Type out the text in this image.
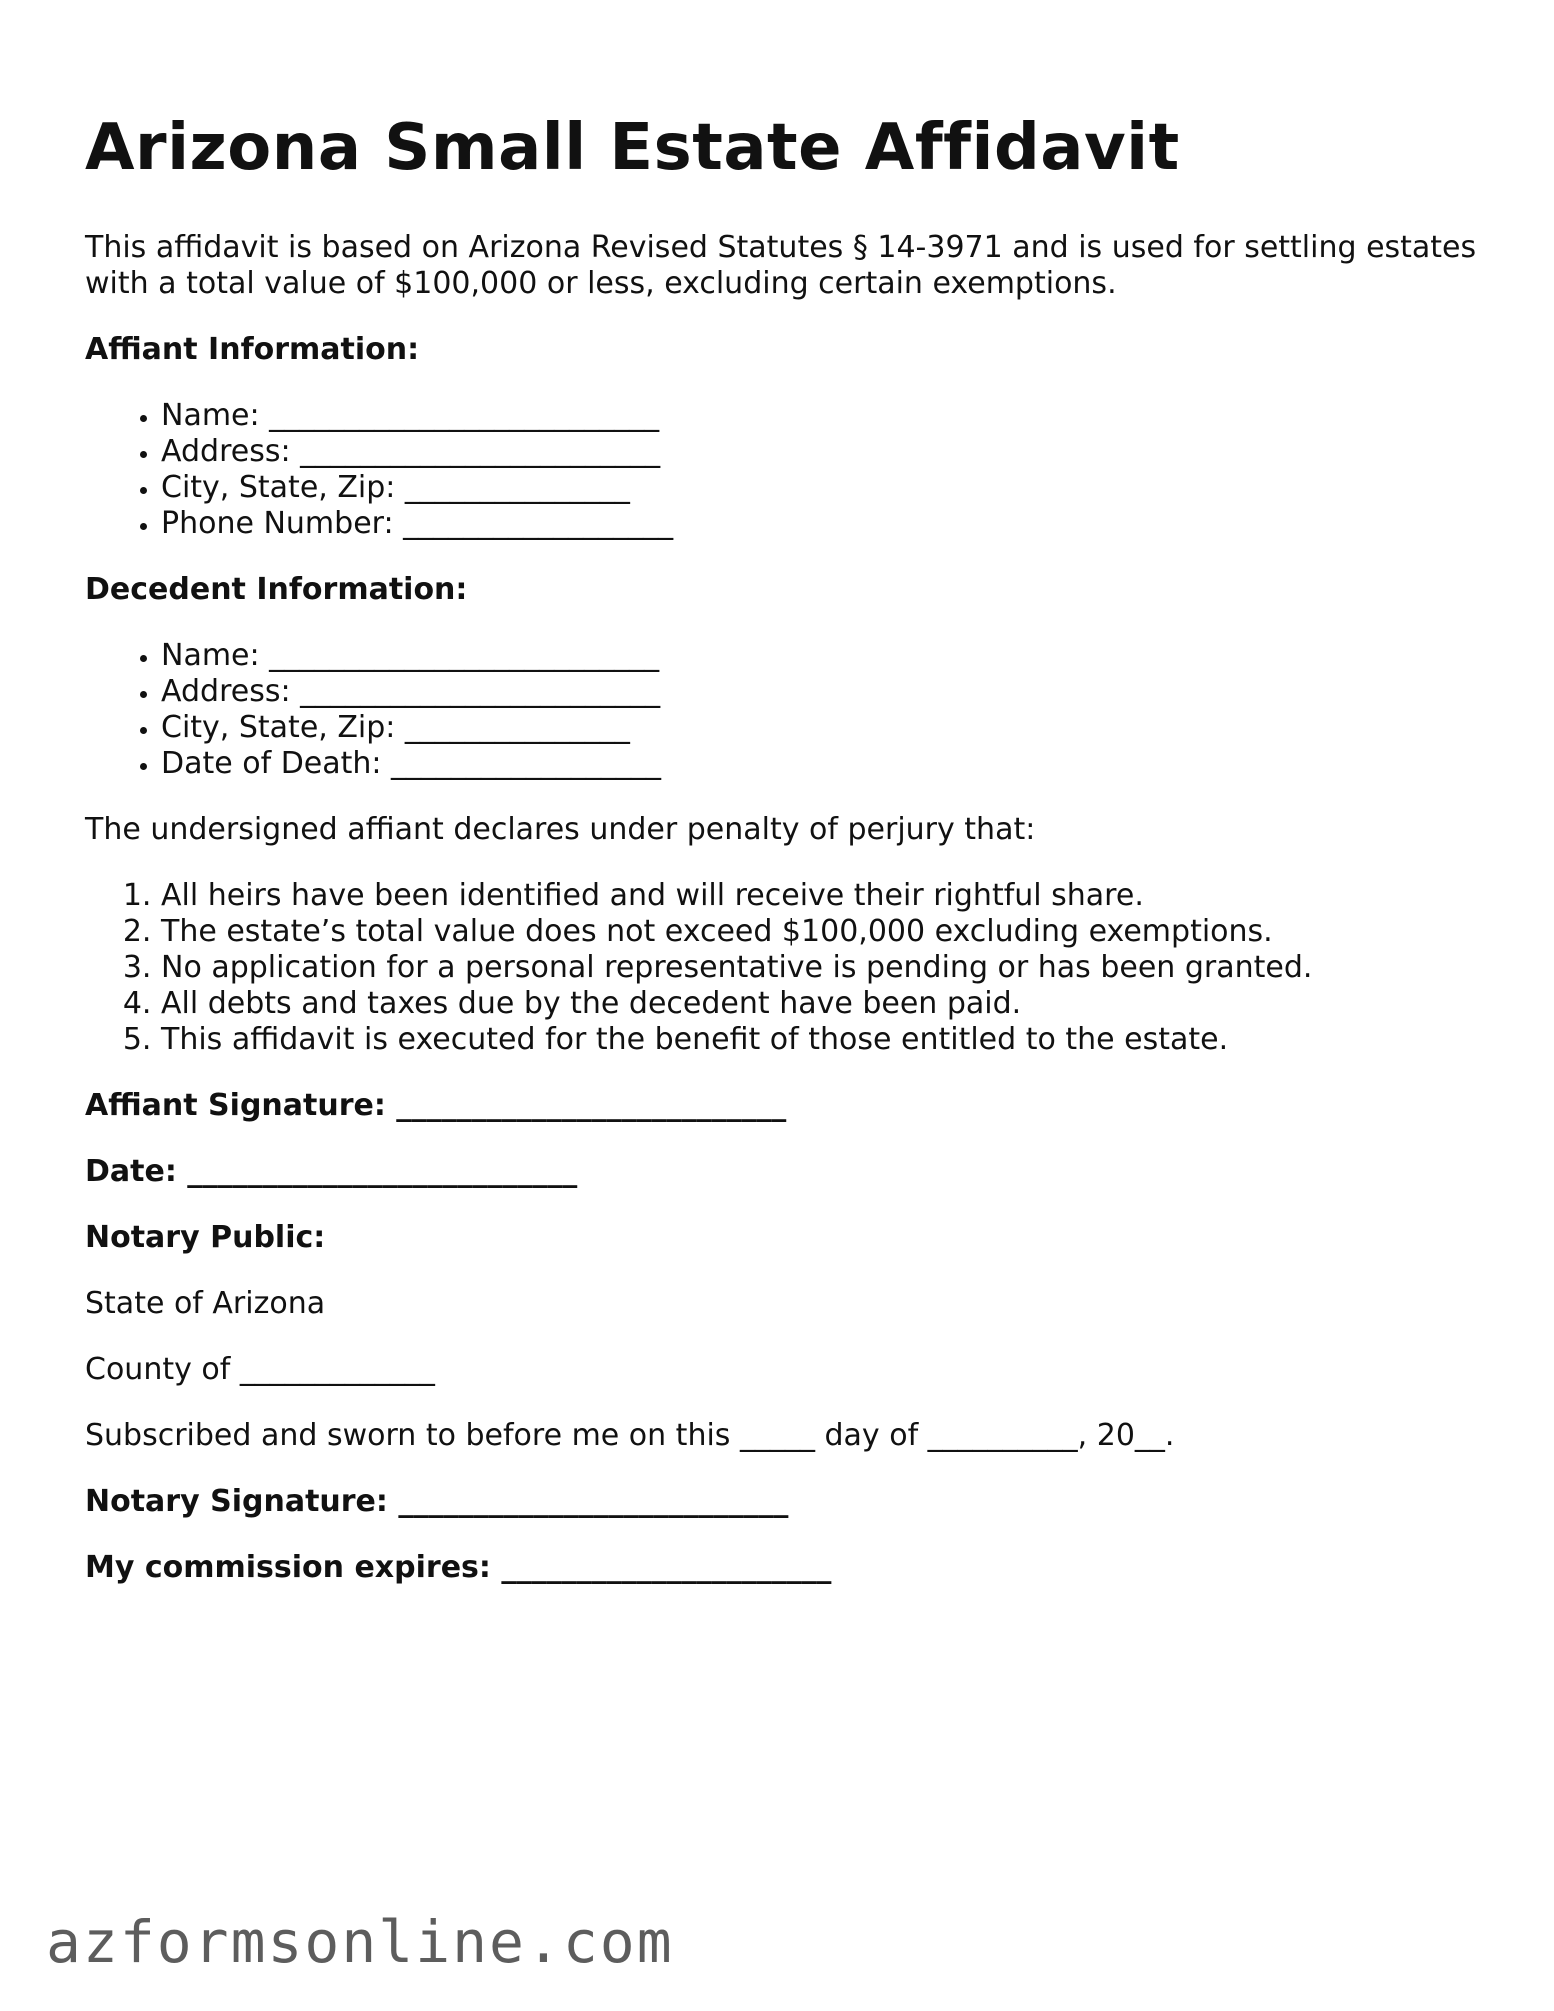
Arizona Small Estate Affidavit

This affidavit is based on Arizona Revised Statutes § 14-3971 and is used for settling estates with a total value of $100,000 or less, excluding certain exemptions.

Affiant Information:

• Name: __________________________
• Address: ________________________
• City, State, Zip: _______________
• Phone Number: __________________

Decedent Information:

• Name: __________________________
• Address: ________________________
• City, State, Zip: _______________
• Date of Death: __________________

The undersigned affiant declares under penalty of perjury that:

1. All heirs have been identified and will receive their rightful share.
2. The estate’s total value does not exceed $100,000 excluding exemptions.
3. No application for a personal representative is pending or has been granted.
4. All debts and taxes due by the decedent have been paid.
5. This affidavit is executed for the benefit of those entitled to the estate.

Affiant Signature: __________________________

Date: __________________________

Notary Public:

State of Arizona

County of _____________

Subscribed and sworn to before me on this _____ day of __________, 20__.

Notary Signature: __________________________

My commission expires: ______________________

azformsonline.com
